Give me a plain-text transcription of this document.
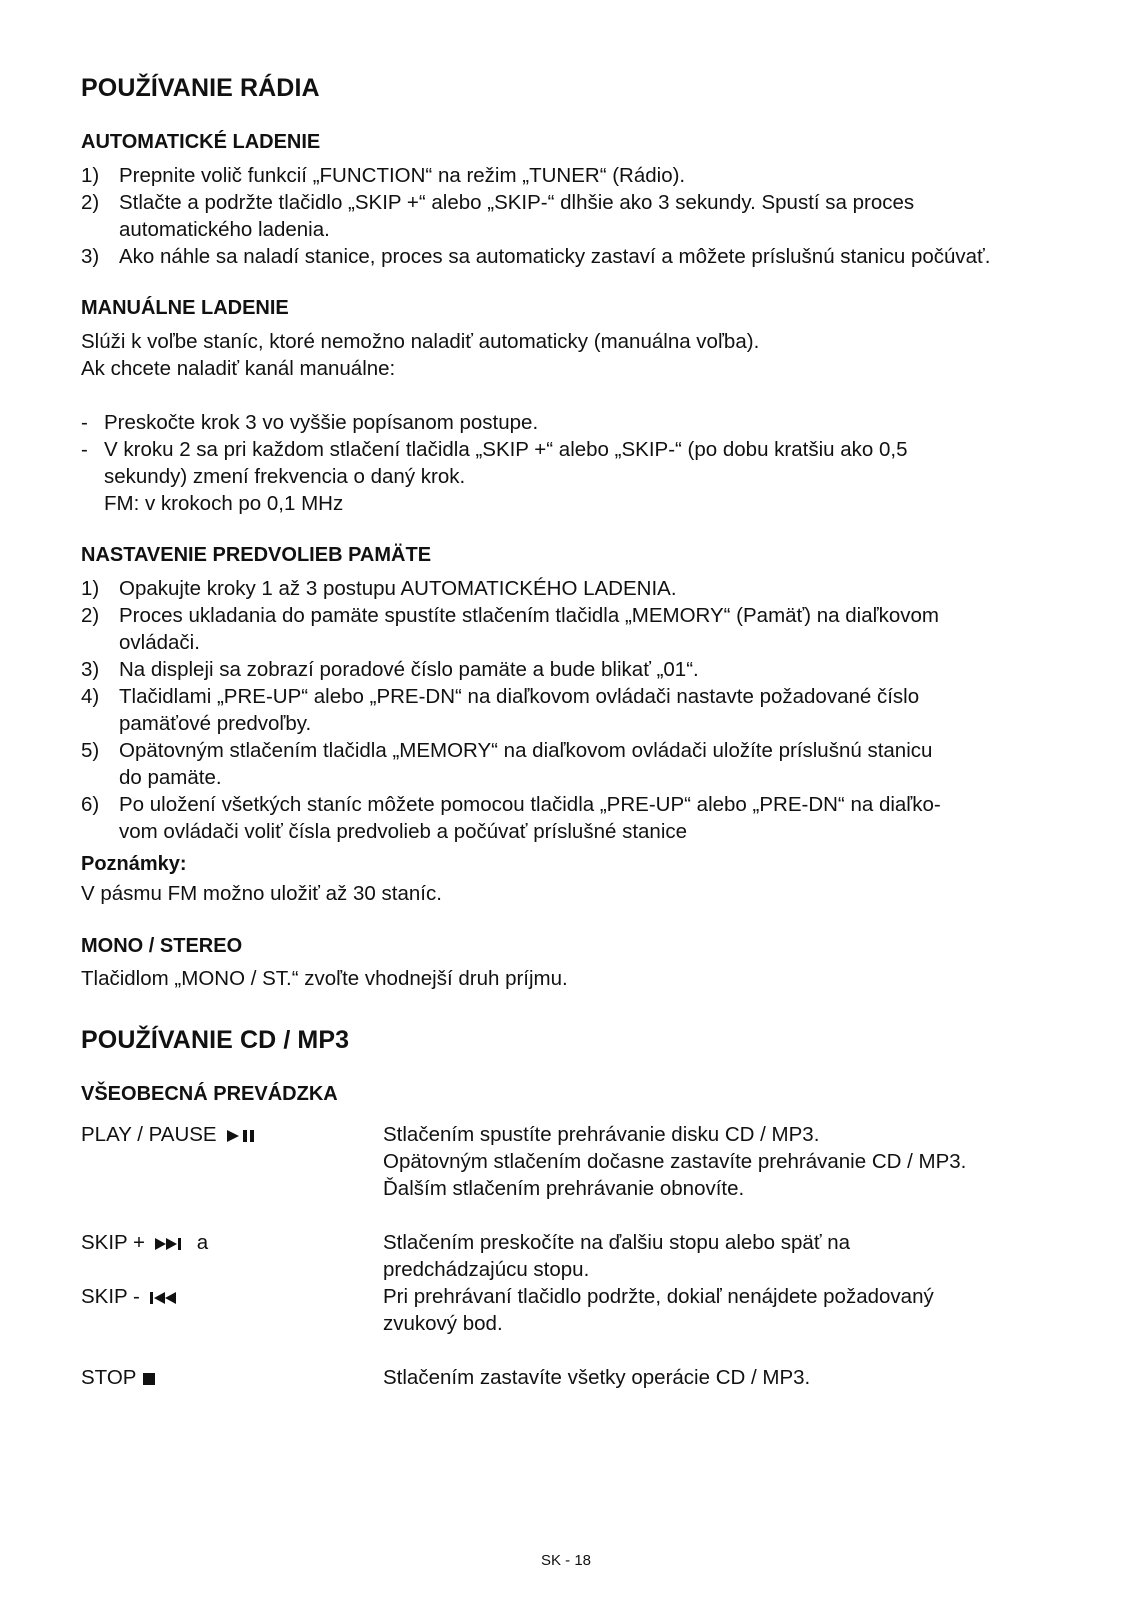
POUŽÍVANIE RÁDIA
AUTOMATICKÉ LADENIE
1) Prepnite volič funkcií „FUNCTION“ na režim „TUNER“ (Rádio).
2) Stlačte a podržte tlačidlo „SKIP +“ alebo „SKIP-“ dlhšie ako 3 sekundy. Spustí sa proces
automatického ladenia.
3) Ako náhle sa naladí stanice, proces sa automaticky zastaví a môžete príslušnú stanicu počúvať.
MANUÁLNE LADENIE
Slúži k voľbe staníc, ktoré nemožno naladiť automaticky (manuálna voľba).
Ak chcete naladiť kanál manuálne:
- Preskočte krok 3 vo vyššie popísanom postupe.
- V kroku 2 sa pri každom stlačení tlačidla „SKIP +“ alebo „SKIP-“ (po dobu kratšiu ako 0,5
sekundy) zmení frekvencia o daný krok.
FM: v krokoch po 0,1 MHz
NASTAVENIE PREDVOLIEB PAMÄTE
1) Opakujte kroky 1 až 3 postupu AUTOMATICKÉHO LADENIA.
2) Proces ukladania do pamäte spustíte stlačením tlačidla „MEMORY“ (Pamäť) na diaľkovom
ovládači.
3) Na displeji sa zobrazí poradové číslo pamäte a bude blikať „01“.
4) Tlačidlami „PRE-UP“ alebo „PRE-DN“ na diaľkovom ovládači nastavte požadované číslo
pamäťové predvoľby.
5) Opätovným stlačením tlačidla „MEMORY“ na diaľkovom ovládači uložíte príslušnú stanicu
do pamäte.
6) Po uložení všetkých staníc môžete pomocou tlačidla „PRE-UP“ alebo „PRE-DN“ na diaľko-
vom ovládači voliť čísla predvolieb a počúvať príslušné stanice
Poznámky:
V pásmu FM možno uložiť až 30 staníc.
MONO / STEREO
Tlačidlom „MONO / ST.“ zvoľte vhodnejší druh príjmu.
POUŽÍVANIE CD / MP3
VŠEOBECNÁ PREVÁDZKA
PLAY / PAUSE	Stlačením spustíte prehrávanie disku CD / MP3.
Opätovným stlačením dočasne zastavíte prehrávanie CD / MP3.
Ďalším stlačením prehrávanie obnovíte.
SKIP +	a	Stlačením preskočíte na ďalšiu stopu alebo späť na
predchádzajúcu stopu.
SKIP -	Pri prehrávaní tlačidlo podržte, dokiaľ nenájdete požadovaný
zvukový bod.
STOP	Stlačením zastavíte všetky operácie CD / MP3.
SK - 18
